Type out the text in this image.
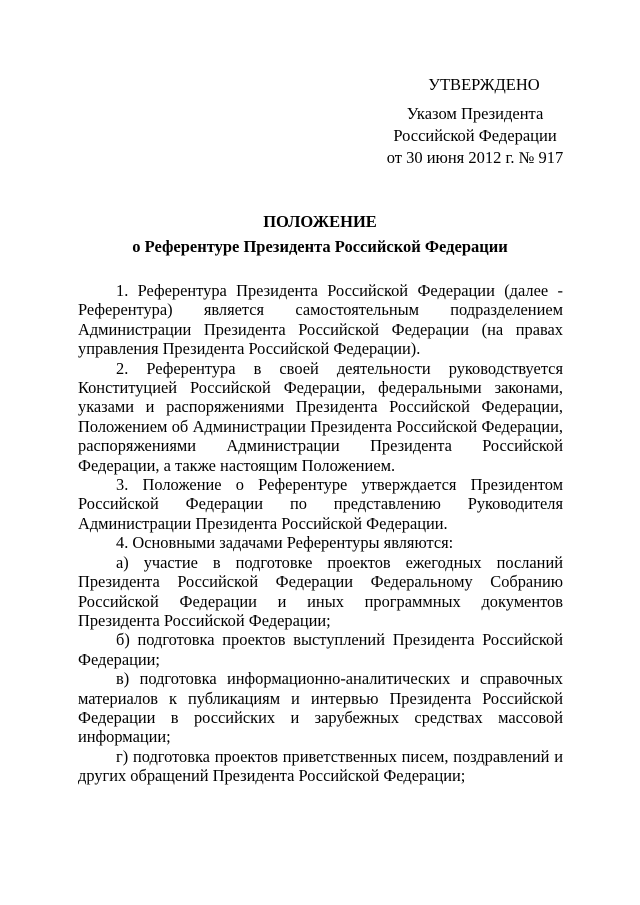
УТВЕРЖДЕНО
Указом Президента
Российской Федерации
от 30 июня 2012 г. № 917
ПОЛОЖЕНИЕ
о Референтуре Президента Российской Федерации

1. Референтура Президента Российской Федерации (далее - Референтура) является самостоятельным подразделением Администрации Президента Российской Федерации (на правах управления Президента Российской Федерации).

2. Референтура в своей деятельности руководствуется Конституцией Российской Федерации, федеральными законами, указами и распоряжениями Президента Российской Федерации, Положением об Администрации Президента Российской Федерации, распоряжениями Администрации Президента Российской Федерации, а также настоящим Положением.

3. Положение о Референтуре утверждается Президентом Российской Федерации по представлению Руководителя Администрации Президента Российской Федерации.

4. Основными задачами Референтуры являются:

а) участие в подготовке проектов ежегодных посланий Президента Российской Федерации Федеральному Собранию Российской Федерации и иных программных документов Президента Российской Федерации;

б) подготовка проектов выступлений Президента Российской Федерации;

в) подготовка информационно-аналитических и справочных материалов к публикациям и интервью Президента Российской Федерации в российских и зарубежных средствах массовой информации;

г) подготовка проектов приветственных писем, поздравлений и других обращений Президента Российской Федерации;
